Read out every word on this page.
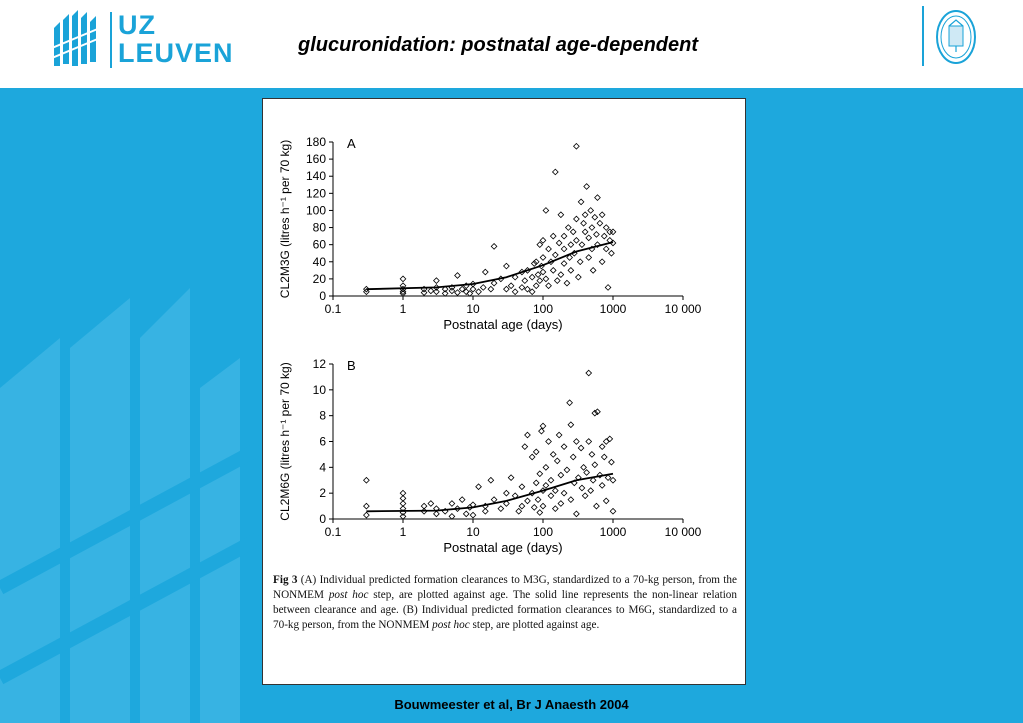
UZ
LEUVEN	glucuronidation: postnatal age-dependent
0.1	1	10	100	1000	10 000
0
20
40
60
80
100
120
140
160
180 A
Postnatal age (days)
CL2M3G (litres h⁻¹ per 70 kg)
0.1	1	10	100	1000	10 000
0
2
4
6
8
10
12 B
Postnatal age (days)
CL2M6G (litres h⁻¹ per 70 kg)
Fig 3 (A) Individual predicted formation clearances to M3G, standardized to a 70-kg person, from the NONMEM post hoc step, are plotted against age. The solid line represents the non-linear relation between clearance and age. (B) Individual predicted formation clearances to M6G, standardized to a 70-kg person, from the NONMEM post hoc step, are plotted against age.
Bouwmeester et al, Br J Anaesth 2004
